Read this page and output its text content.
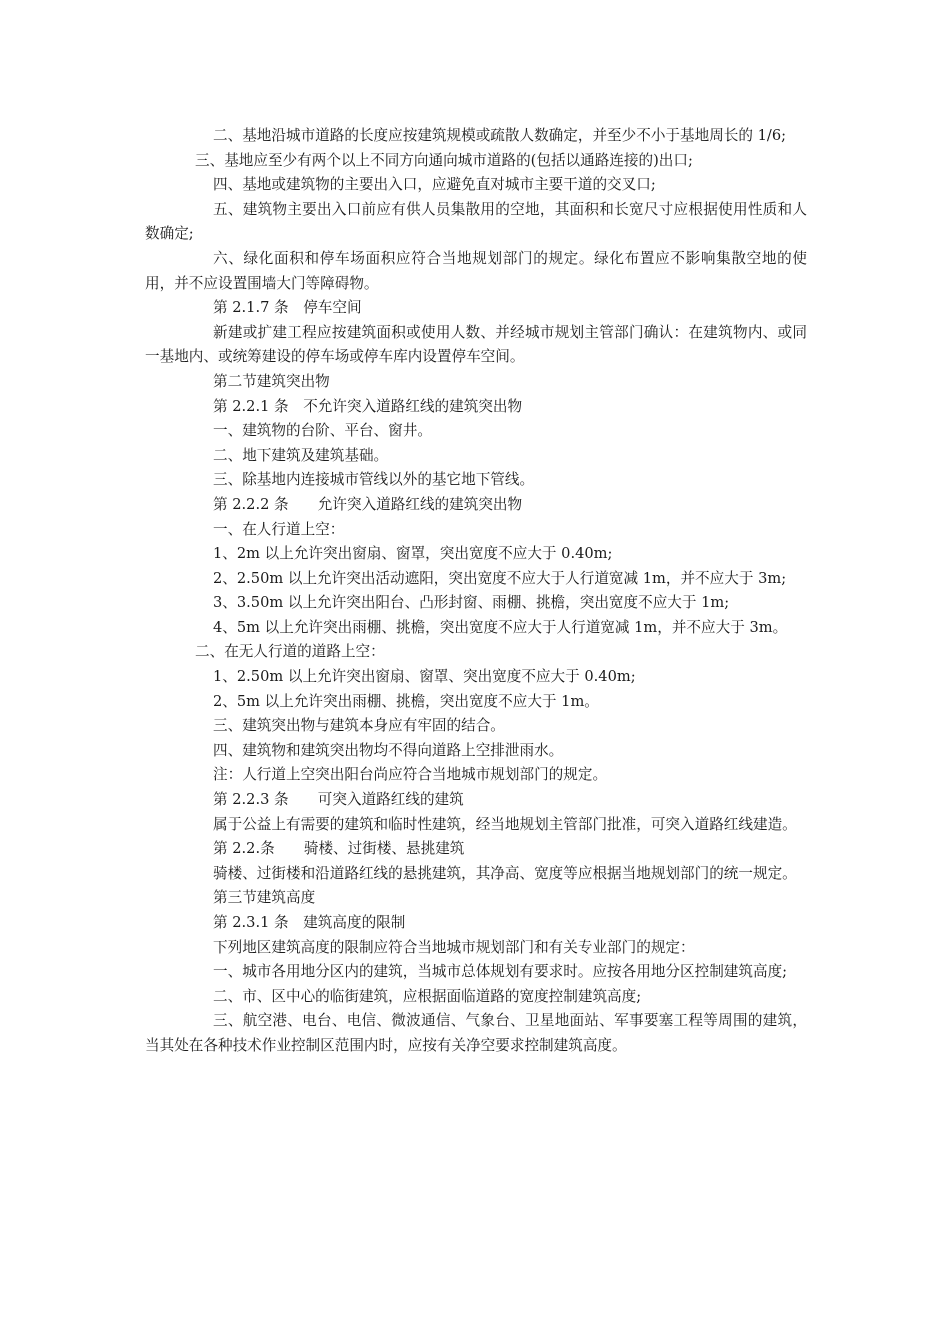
二、基地沿城市道路的长度应按建筑规模或疏散人数确定，并至少不小于基地周长的 1/6;

三、基地应至少有两个以上不同方向通向城市道路的(包括以通路连接的)出口;

四、基地或建筑物的主要出入口，应避免直对城市主要干道的交叉口;

五、建筑物主要出入口前应有供人员集散用的空地，其面积和长宽尺寸应根据使用性质和人数确定;

六、绿化面积和停车场面积应符合当地规划部门的规定。绿化布置应不影响集散空地的使用，并不应设置围墙大门等障碍物。

第 2.1.7 条　停车空间

新建或扩建工程应按建筑面积或使用人数、并经城市规划主管部门确认：在建筑物内、或同一基地内、或统筹建设的停车场或停车库内设置停车空间。

第二节建筑突出物

第 2.2.1 条　不允许突入道路红线的建筑突出物

一、建筑物的台阶、平台、窗井。

二、地下建筑及建筑基础。

三、除基地内连接城市管线以外的基它地下管线。

第 2.2.2 条　　允许突入道路红线的建筑突出物

一、在人行道上空：

1、2m 以上允许突出窗扇、窗罩，突出宽度不应大于 0.40m;

2、2.50m 以上允许突出活动遮阳，突出宽度不应大于人行道宽减 1m，并不应大于 3m;

3、3.50m 以上允许突出阳台、凸形封窗、雨棚、挑檐，突出宽度不应大于 1m;

4、5m 以上允许突出雨棚、挑檐，突出宽度不应大于人行道宽减 1m，并不应大于 3m。

二、在无人行道的道路上空：

1、2.50m 以上允许突出窗扇、窗罩、突出宽度不应大于 0.40m;

2、5m 以上允许突出雨棚、挑檐，突出宽度不应大于 1m。

三、建筑突出物与建筑本身应有牢固的结合。

四、建筑物和建筑突出物均不得向道路上空排泄雨水。

注：人行道上空突出阳台尚应符合当地城市规划部门的规定。

第 2.2.3 条　　可突入道路红线的建筑

属于公益上有需要的建筑和临时性建筑，经当地规划主管部门批准，可突入道路红线建造。

第 2.2.条　　骑楼、过街楼、悬挑建筑

骑楼、过街楼和沿道路红线的悬挑建筑，其净高、宽度等应根据当地规划部门的统一规定。

第三节建筑高度

第 2.3.1 条　建筑高度的限制

下列地区建筑高度的限制应符合当地城市规划部门和有关专业部门的规定：

一、城市各用地分区内的建筑，当城市总体规划有要求时。应按各用地分区控制建筑高度;

二、市、区中心的临街建筑，应根据面临道路的宽度控制建筑高度;

三、航空港、电台、电信、微波通信、气象台、卫星地面站、军事要塞工程等周围的建筑，当其处在各种技术作业控制区范围内时，应按有关净空要求控制建筑高度。
